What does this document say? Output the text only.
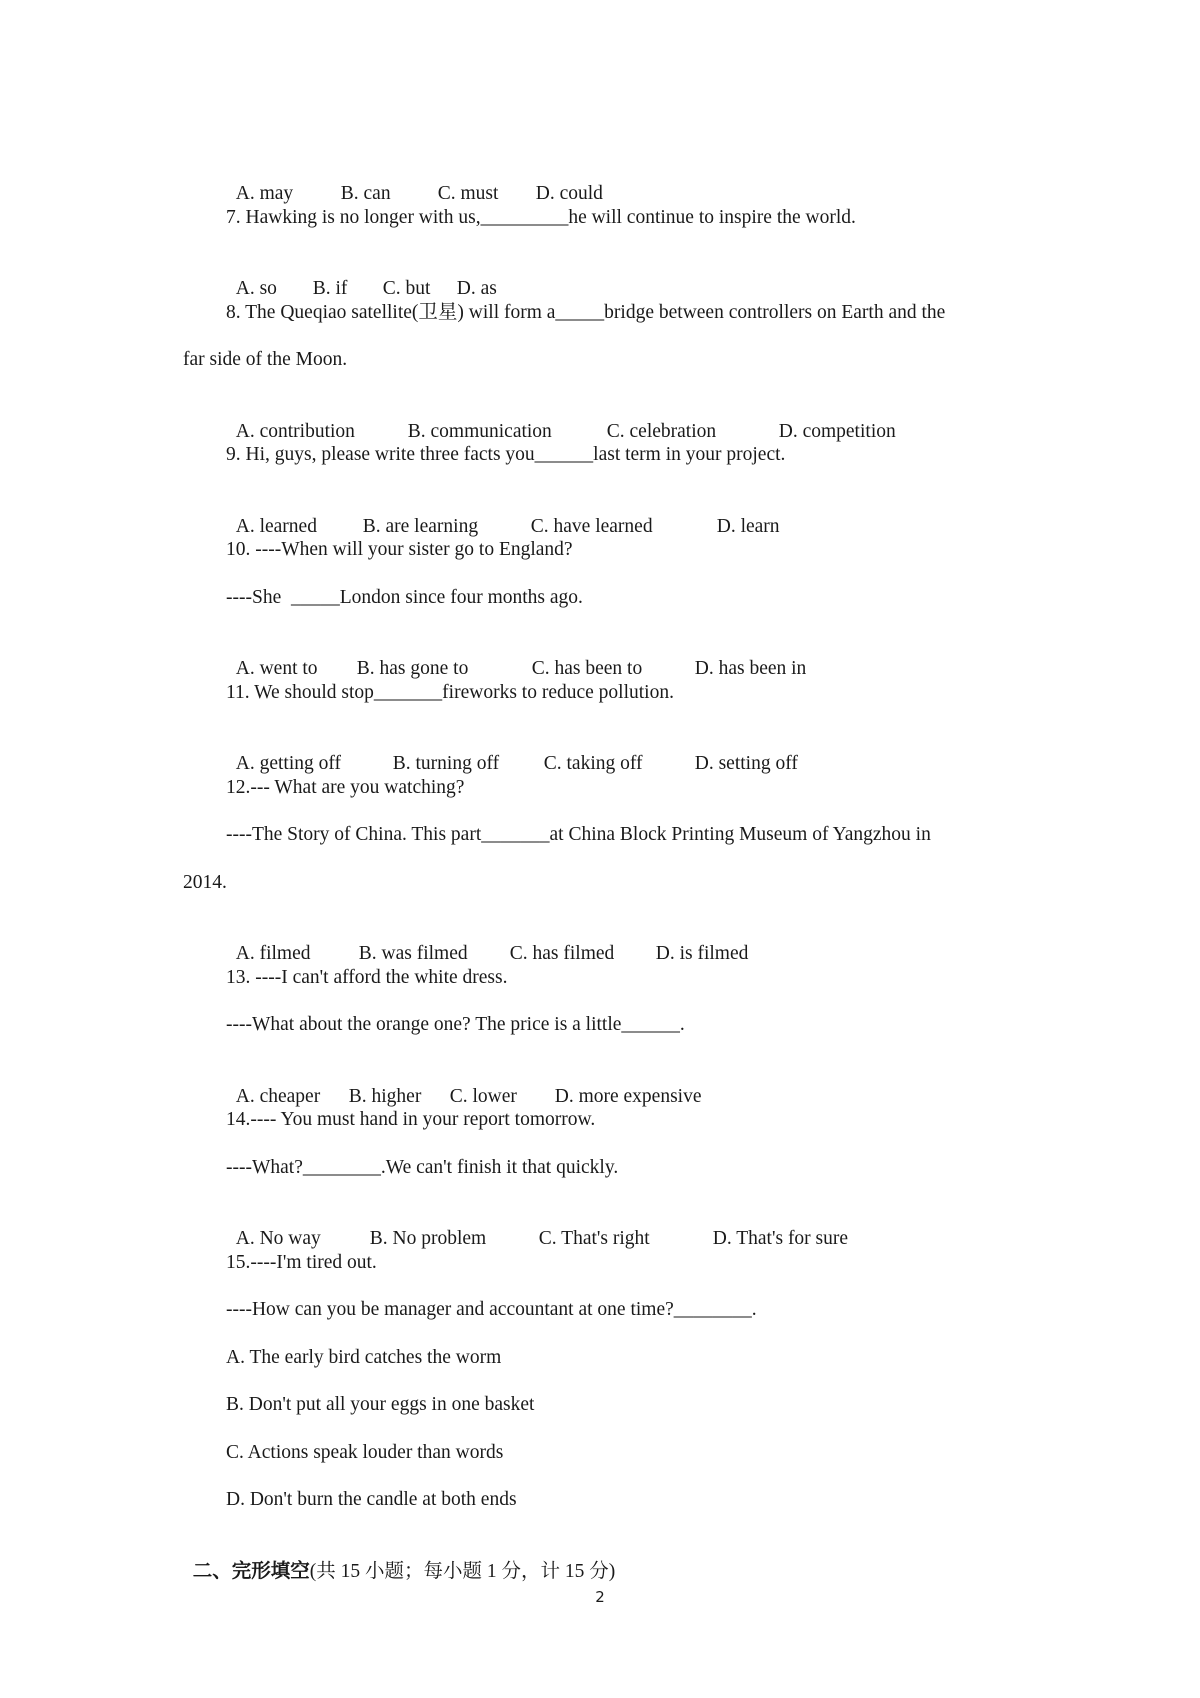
A. may B. can C. must D. could

7. Hawking is no longer with us,_________he will continue to inspire the world.

A. so B. if C. but D. as

8. The Queqiao satellite(卫星) will form a_____bridge between controllers on Earth and the
far side of the Moon.

A. contribution	B. communication	C. celebration	D. competition

9. Hi, guys, please write three facts you______last term in your project.

A. learned B. are learning	C. have learned	D. learn

10. ----When will your sister go to England?
----She  _____London since four months ago.

A. went to B. has gone to	C. has been to	D. has been in

11. We should stop_______fireworks to reduce pollution.

A. getting off	B. turning off C. taking off	D. setting off

12.--- What are you watching?
----The Story of China. This part_______at China Block Printing Museum of Yangzhou in
2014.

A. filmed B. was filmed C. has filmed D. is filmed

13. ----I can't afford the white dress.
----What about the orange one? The price is a little______.

A. cheaper B. higher C. lower D. more expensive

14.---- You must hand in your report tomorrow.
----What?________.We can't finish it that quickly.

A. No way	B. No problem	C. That's right	D. That's for sure

15.----I'm tired out.
----How can you be manager and accountant at one time?________.
A. The early bird catches the worm
B. Don't put all your eggs in one basket
C. Actions speak louder than words
D. Don't burn the candle at both ends

二、完形填空(共 15 小题；每小题 1 分，计 15 分)

2
